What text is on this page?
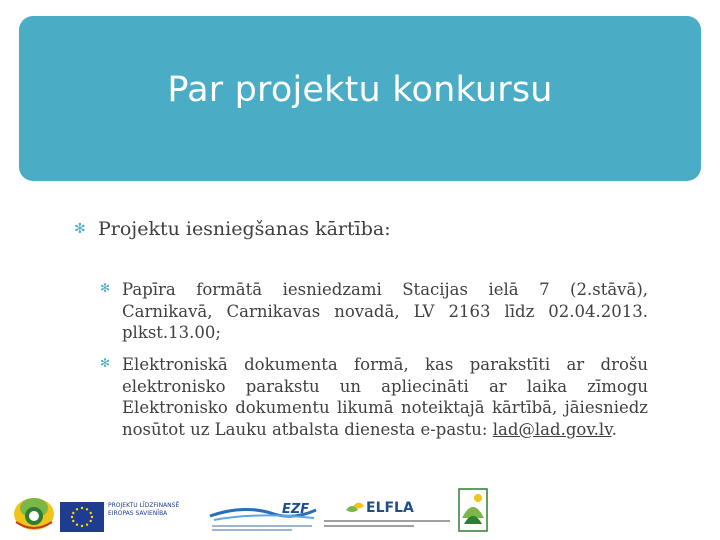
Par projektu konkursu
✻ Projektu iesniegšanas kārtība:
✻ Papīra formātā iesniedzami Stacijas ielā 7 (2.stāvā), Carnikavā, Carnikavas novadā, LV 2163 līdz 02.04.2013. plkst.13.00;
✻ Elektroniskā dokumenta formā, kas parakstīti ar drošu elektronisko parakstu un apliecināti ar laika zīmogu Elektronisko dokumentu likumā noteiktajā kārtībā, jāiesniedz nosūtot uz Lauku atbalsta dienesta e-pastu: lad@lad.gov.lv.
PROJEKTU LĪDZFINANSĒ EIROPAS SAVIENĪBA	EZF	ELFLA
